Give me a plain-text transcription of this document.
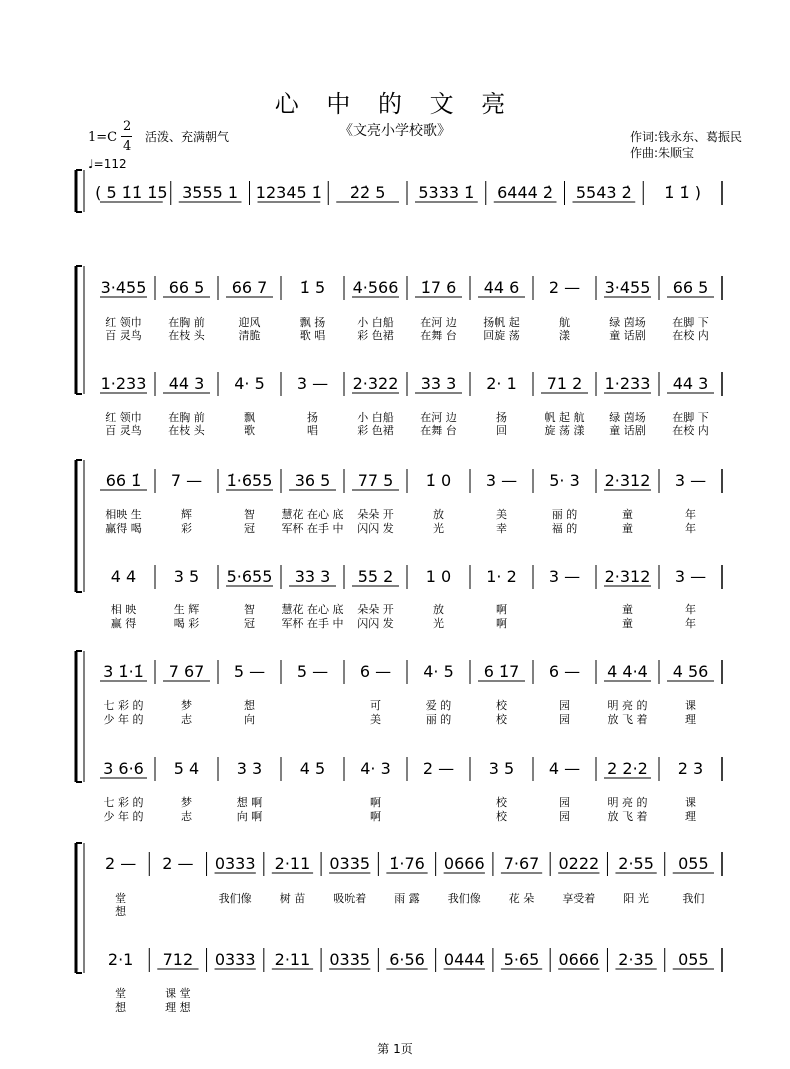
心 中 的 文 亮
《文亮小学校歌》
1=C
2
4
活泼、充满朝气
♩=112
作词:钱永东、葛振民
作曲:朱顺宝
( 5 1̇1̇ 1̇5 3555 1 12345 1̇ 2̇2̇ 5 5333 1̇ 6444 2̇ 5543 2̇ 1̇ 1̇ )
3·455 66 5 66 7 1̇ 5 4·566 1̇7 6 44 6 2 — 3·455 66 5
红 领巾 在胸 前	迎风	飘 扬	小 白船 在河 边 扬帆 起	航	绿 茵场 在脚 下
百 灵鸟 在枝 头	清脆	歌 唱	彩 色裙 在舞 台 回旋 荡	漾	童 话剧 在校 内
1·233 44 3 4· 5 3 — 2·322 33 3 2· 1 71 2 1·233 44 3
红 领巾 在胸 前	飘	扬	小 白船 在河 边	扬	帆 起 航 绿 茵场 在脚 下
百 灵鸟 在枝 头	歌	唱	彩 色裙 在舞 台	回	旋 荡 漾 童 话剧 在校 内
66 1̇ 7 — 1̇·655 36 5 77 5 1̇ 0 3 — 5· 3 2·312 3 —
相映 生	辉	智 慧花 在心 底 朵朵 开	放	美	丽 的	童	年
赢得 喝	彩	冠 军杯 在手 中 闪闪 发	光	幸	福 的	童	年
4 4 3 5 5·655 33 3 55 2 1 0 1· 2 3 — 2·312 3 —
相 映	生 辉	智 慧花 在心 底 朵朵 开	放	啊	童	年
赢 得	喝 彩	冠 军杯 在手 中 闪闪 发	光	啊	童	年
3 1̇·1̇ 7 67 5 — 5 — 6 — 4· 5 6 1̇7 6 — 4 4·4 4 56
七 彩 的	梦	想	可	爱 的	校	园	明 亮 的	课
少 年 的	志	向	美	丽 的	校	园	放 飞 着	理
3 6·6 5 4 3 3 4 5 4· 3 2 — 3 5 4 — 2 2·2 2 3
七 彩 的	梦	想 啊	啊	校	园	明 亮 的	课
少 年 的	志	向 啊	啊	校	园	放 飞 着	理
2 — 2 — 0333 2·11 0335 1̇·76 0666 7·67 0222 2·55 055
堂	我们像	树 苗	吸吮着	雨 露	我们像	花 朵	享受着	阳 光	我们
想
2·1 712 0333 2·11 0335 6·56 0444 5·65 0666 2·35 055
堂	课 堂
想	理 想
第 1页
